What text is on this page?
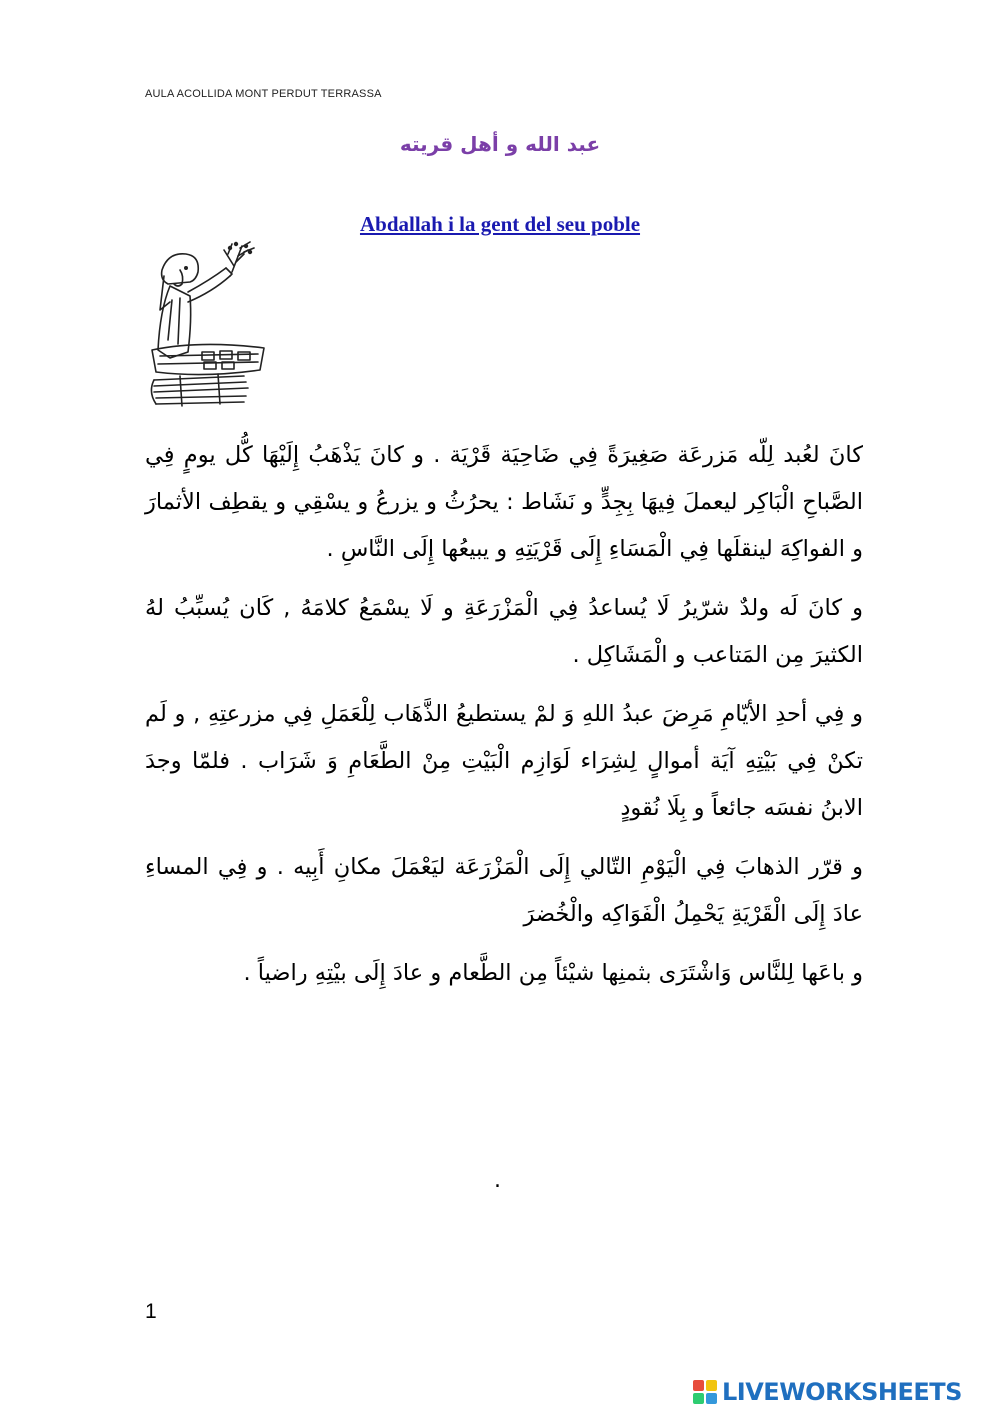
AULA ACOLLIDA MONT PERDUT TERRASSA
عبد الله و أهل قريته
Abdallah i la gent del seu poble

كانَ لعُبد لِلّه مَزرعَة صَغِيرَةً فِي ضَاحِيَة قَرْيَة . و كانَ يَذْهَبُ إِلَيْهَا كُّل يومٍ فِي الصَّباحِ الْبَاكِر ليعملَ فِيهَا بِجِدٍّ و نَشَاط : يحرُثُ و يزرعُ و يسْقِي و يقطِف الأثمارَ و الفواكِهَ لينقلَها فِي الْمَسَاءِ إِلَى قَرْيَتِهِ و يبيعُها إِلَى النَّاسِ .

و كانَ لَه ولدٌ شرّيرُ لَا يُساعدُ فِي الْمَزْرَعَةِ و لَا يسْمَعُ كلامَهُ , كَان يُسبِّبُ لهُ الكثيرَ مِن المَتاعب و الْمَشَاكِل .

و فِي أحدِ الأيّامِ مَرِضَ عبدُ اللهِ وَ لمْ يستطيعُ الذَّهَاب لِلْعَمَلِ فِي مزرعتِهِ , و لَم تكنْ فِي بَيْتِهِ آيَة أموالٍ لِشِرَاء لَوَازِم الْبَيْتِ مِنْ الطَّعَامِ وَ شَرَاب . فلمّا وجدَ الابنُ نفسَه جائعاً و بِلَا نُقودٍ

و قرّر الذهابَ فِي الْيَوْمِ التّالي إِلَى الْمَزْرَعَة ليَعْمَلَ مكانِ أَبِيه . و فِي المساءِ عادَ إِلَى الْقَرْيَةِ يَحْمِلُ الْفَوَاكِه والْخُضرَ

و باعَها لِلنَّاس وَاشْتَرَى بثمنِها شيْئاً مِن الطَّعام و عادَ إِلَى بيْتِهِ راضياً .

.
1
LIVEWORKSHEETS
